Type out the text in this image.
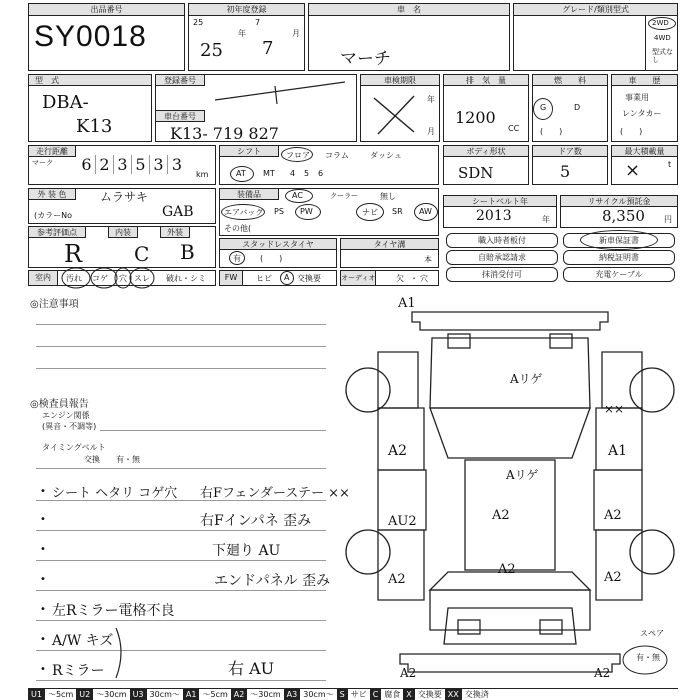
出品番号
SY0018
初年度登録
25
年
7
月
25 7
車　名
マーチ
グレード/類別型式
2WD
4WD
型式なし
型　式
DBA-
K13
登録番号
車台番号
K13- 719 827
車検期限
年
月
排　気　量
1200
CC
燃　　料
G	D
(　　)
車　　歴
事業用
レンタカー
(　　)
走行距離
マーク 6 2 3 5 3 3
km
シフト	フロア コラム	ダッシュ
AT MT 4 5 6
ボディ形状
SDN
ドア数
5
最大積載量
×	t
外 装 色	ムラサキ
(カラーNo	GAB
装備品	AC	クーラー	無し
エアバッグ PS PW	ナビ SR AW
その他(
シートベルト年
2013	年
リサイクル預託金
8,350 円
参考評価点	内装	外装
R	C B	スタッドレスタイヤ
有 (　　)
タイヤ溝
本
職入時者板付	新車保証書
自賠承認請求	納税証明書
抹消受付可	充電ケーブル
室内	汚れ コゲ 穴 スレ 破れ・シミ	FW	ヒビ A 交換要	オーディオ	欠 ・ 穴
◎注意事項
◎検査員報告
エンジン関係
(異音・不調等)
タイミングベルト
交換 有・無
•
•
•
•
•
•
•
シート ヘタリ コゲ穴 右Fフェンダーステー ××
右Fインパネ 歪み
下廻り AU
エンドパネル 歪み
左Rミラー電格不良
A/W キズ
Rミラー	右 AU
A1
Aリゲ
××
A2	A1
Aリゲ
AU2	A2	A2
A2
A2
A2
A2	A2
スペア
有・無
U1 ～5cm U2 ～30cm U3 30cm～ A1 ～5cm A2 ～30cm A3 30cm～ S サビ C 腐食 X 交換要 XX 交換済
